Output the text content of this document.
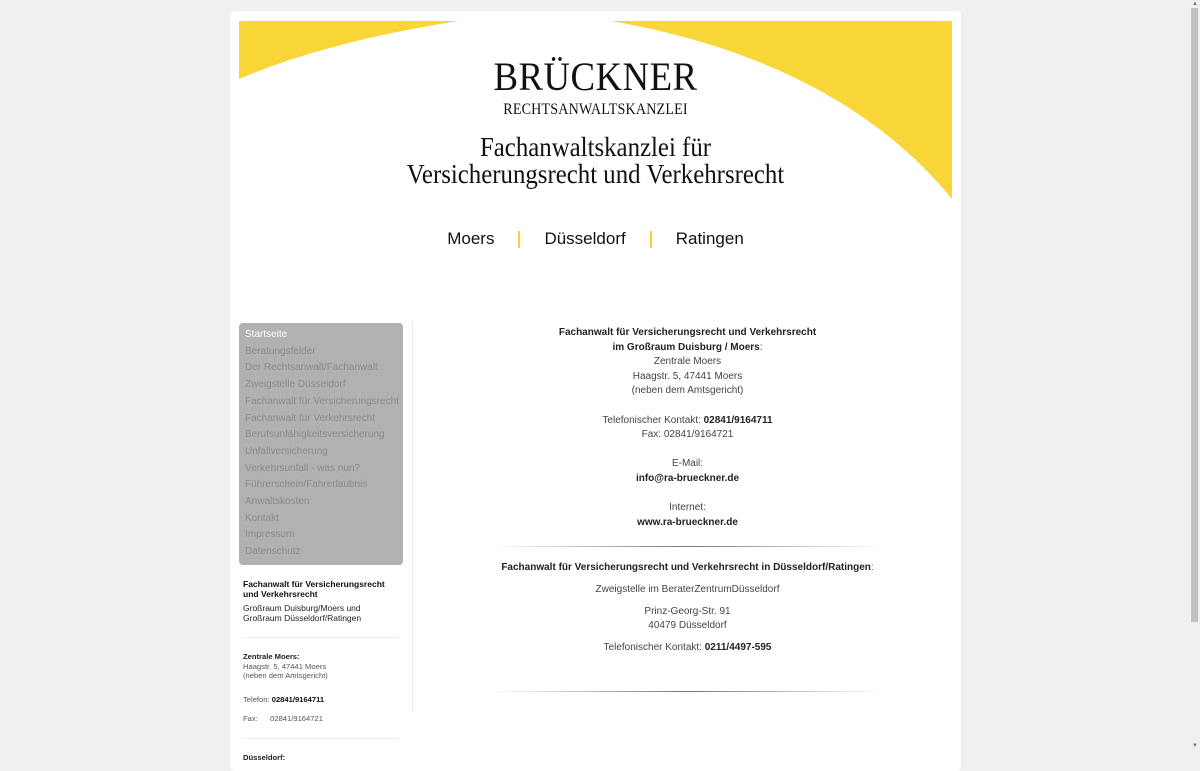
BRÜCKNER
RECHTSANWALTSKANZLEI
Fachanwaltskanzlei für
Versicherungsrecht und Verkehrsrecht
Moers	Düsseldorf	Ratingen
Startseite
Beratungsfelder
Der Rechtsanwalt/Fachanwalt
Zweigstelle Düsseldorf
Fachanwalt für Versicherungsrecht
Fachanwalt für Verkehrsrecht
Berufsunfähigkeitsversicherung
Unfallversicherung
Verkehrsunfall - was nun?
Führerschein/Fahrerlaubnis
Anwaltskosten
Kontakt
Impressum
Datenschutz
Fachanwalt für Versicherungsrecht und Verkehrsrecht
Großraum Duisburg/Moers und Großraum Düsseldorf/Ratingen
Zentrale Moers:
Haagstr. 5, 47441 Moers
(neben dem Amtsgericht)
Telefon: 02841/9164711
Fax: 02841/9164721
Düsseldorf:
Fachanwalt für Versicherungsrecht und Verkehrsrecht
im Großraum Duisburg / Moers:
Zentrale Moers
Haagstr. 5, 47441 Moers
(neben dem Amtsgericht)
Telefonischer Kontakt: 02841/9164711
Fax: 02841/9164721
E-Mail:
info@ra-brueckner.de
Internet:
www.ra-brueckner.de
Fachanwalt für Versicherungsrecht und Verkehrsrecht in Düsseldorf/Ratingen:
Zweigstelle im BeraterZentrumDüsseldorf
Prinz-Georg-Str. 91
40479 Düsseldorf
Telefonischer Kontakt: 0211/4497-595
▲
▼
